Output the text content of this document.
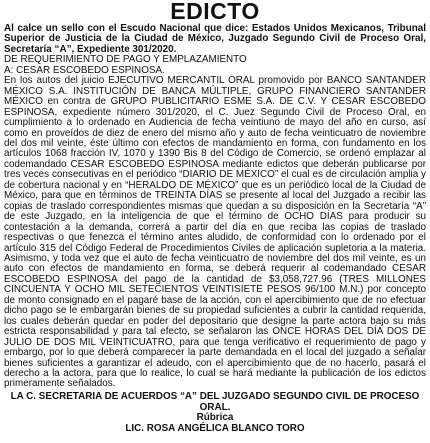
EDICTO

Al calce un sello con el Escudo Nacional que dice: Estados Unidos Mexicanos, Tribunal Superior de Justicia de la Ciudad de México, Juzgado Segundo Civil de Proceso Oral, Secretaría “A”, Expediente 301/2020.

DE REQUERIMIENTO DE PAGO Y EMPLAZAMIENTO

A: CESAR ESCOBEDO ESPINOSA.

En los autos del juicio EJECUTIVO MERCANTIL ORAL promovido por BANCO SANTANDER MÉXICO S.A. INSTITUCIÓN DE BANCA MÚLTIPLE, GRUPO FINANCIERO SANTANDER MÉXICO en contra de GRUPO PUBLICITARIO ESME S.A. DE C.V. Y CESAR ESCOBEDO ESPINOSA, expediente número 301/2020, el C. Juez Segundo Civil de Proceso Oral, en cumplimiento a lo ordenado en Audiencia de fecha veintiuno de mayo del año en curso, así como en proveídos de diez de enero del mismo año y auto de fecha veinticuatro de noviembre del dos mil veinte, éste último con efectos de mandamiento en forma, con fundamento en los artículos 1068 fracción IV, 1070 y 1390 Bis 8 del Código de Comercio, se ordenó emplazar al codemandado CESAR ESCOBEDO ESPINOSA mediante edictos que deberán publicarse por tres veces consecutivas en el periódico “DIARIO DE MÉXICO” el cual es de circulación amplia y de cobertura nacional y en “HERALDO DE MÉXICO” que es un periódico local de la Ciudad de México, para que en términos de TREINTA DÍAS se presente al local del Juzgado a recibir las copias de traslado correspondientes mismas que quedan a su disposición en la Secretaría “A” de este Juzgado, en la inteligencia de que el término de OCHO DÍAS para producir su contestación a la demanda, correrá a partir del día en que reciba las copias de traslado respectivas o que fenezca el término antes aludido, de conformidad con lo ordenado por el artículo 315 del Código Federal de Procedimientos Civiles de aplicación supletoria a la materia. Asimismo, y toda vez que el auto de fecha veinticuatro de noviembre del dos mil veinte, es un auto con efectos de mandamiento en forma, se deberá requerir al codemandado CESAR ESCOBEDO ESPINOSA del pago de la cantidad de $3,058,727.96 (TRES MILLONES CINCUENTA Y OCHO MIL SETECIENTOS VEINTISIETE PESOS 96/100 M.N.) por concepto de monto consignado en el pagaré base de la acción, con el apercibimiento que de no efectuar dicho pago se le embargarán bienes de su propiedad suficientes a cubrir la cantidad requerida, los cuales deberán quedar en poder del depositario que designe la parte actora bajo su más estricta responsabilidad y para tal efecto, se señalaron las ONCE HORAS DEL DÍA DOS DE JULIO DE DOS MIL VEINTICUATRO, para que tenga verificativo el requerimiento de pago y embargo, por lo que deberá comparecer la parte demandada en el local del juzgado a señalar bienes suficientes a garantizar el adeudo, con el apercibimiento que de no hacerlo, pasará el derecho a la actora, para que lo realice, lo cual se hará mediante la publicación de los edictos primeramente señalados.

LA C. SECRETARIA DE ACUERDOS “A” DEL JUZGADO SEGUNDO CIVIL DE PROCESO ORAL.

Rúbrica

LIC. ROSA ANGÉLICA BLANCO TORO
